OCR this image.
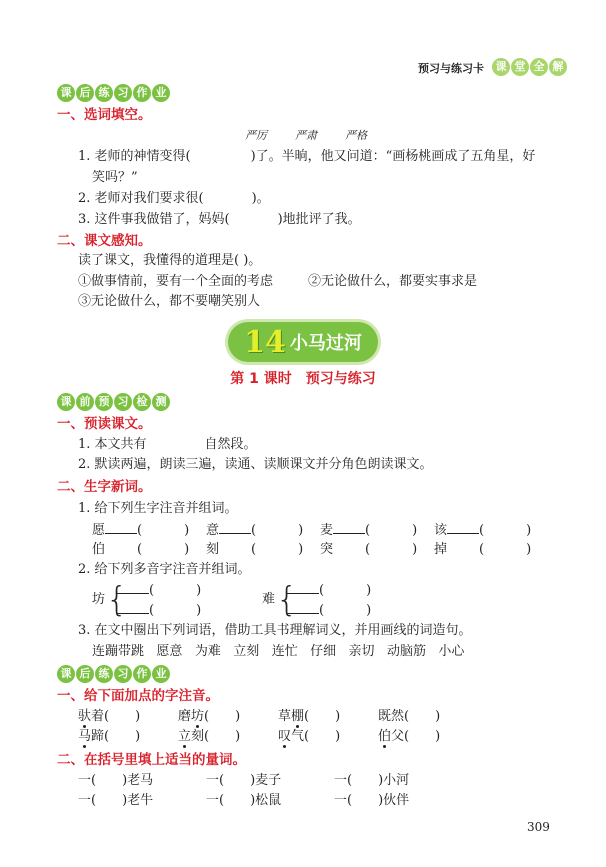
预习与练习卡	课 堂 全 解
课 后 练 习 作 业
一、选词填空。
严厉	严肃	严格
1. 老师的神情变得(	)了。半晌，他又问道：“画杨桃画成了五角星，好
笑吗？”
2. 老师对我们要求很(	)。
3. 这件事我做错了，妈妈(	)地批评了我。
二、课文感知。
读了课文，我懂得的道理是( )。
①做事情前，要有一个全面的考虑	②无论做什么，都要实事求是
③无论做什么，都不要嘲笑别人
14 小马过河
第 1 课时　预习与练习
课 前 预 习 检 测
一、预读课文。
1. 本文共有	自然段。
2. 默读两遍，朗读三遍，读通、读顺课文并分角色朗读课文。
二、生字新词。
1. 给下列生字注音并组词。
愿 (	)	意 (	)	麦 (	)	该 (	)
伯 (	)	刻 (	)	突 (	)	掉 (	)
2. 给下列多音字注音并组词。
坊 {	(	)
(	)
难 {	(	)
(	)
3. 在文中圈出下列词语，借助工具书理解词义，并用画线的词造句。
连蹦带跳 愿意 为难 立刻 连忙 仔细 亲切 动脑筋 小心
课 后 练 习 作 业
一、给下面加点的字注音。
驮着( )	磨坊( )	草棚( )	既然( )
马蹄( )	立刻( )	叹气( )	伯父( )
二、在括号里填上适当的量词。
一( )老马	一( )麦子	一( )小河
一( )老牛	一( )松鼠	一( )伙伴
309
